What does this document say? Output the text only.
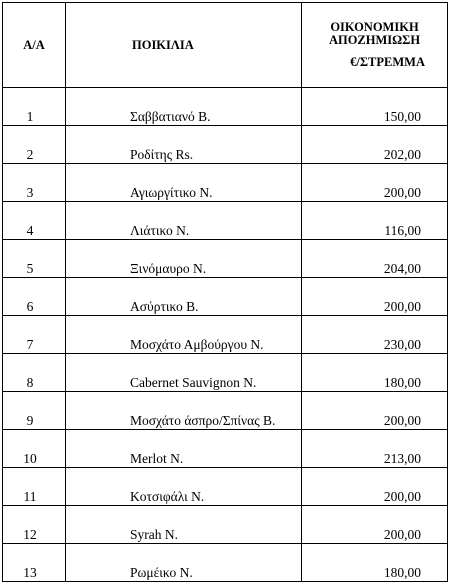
Α/Α	ΠΟΙΚΙΛΙΑ	ΟΙΚΟΝΟΜΙΚΗ
ΑΠΟΖΗΜΙΩΣΗ
€/ΣΤΡΕΜΜΑ

1	Σαββατιανό Β.	150,00
2	Ροδίτης Rs.	202,00
3	Αγιωργίτικο Ν.	200,00
4	Λιάτικο Ν.	116,00
5	Ξινόμαυρο Ν.	204,00
6	Ασύρτικο Β.	200,00
7	Μοσχάτο Αμβούργου Ν.	230,00
8	Cabernet Sauvignon N.	180,00
9	Μοσχάτο άσπρο/Σπίνας Β.	200,00
10	Merlot N.	213,00
11	Κοτσιφάλι Ν.	200,00
12	Syrah N.	200,00
13	Ρωμέικο Ν.	180,00
